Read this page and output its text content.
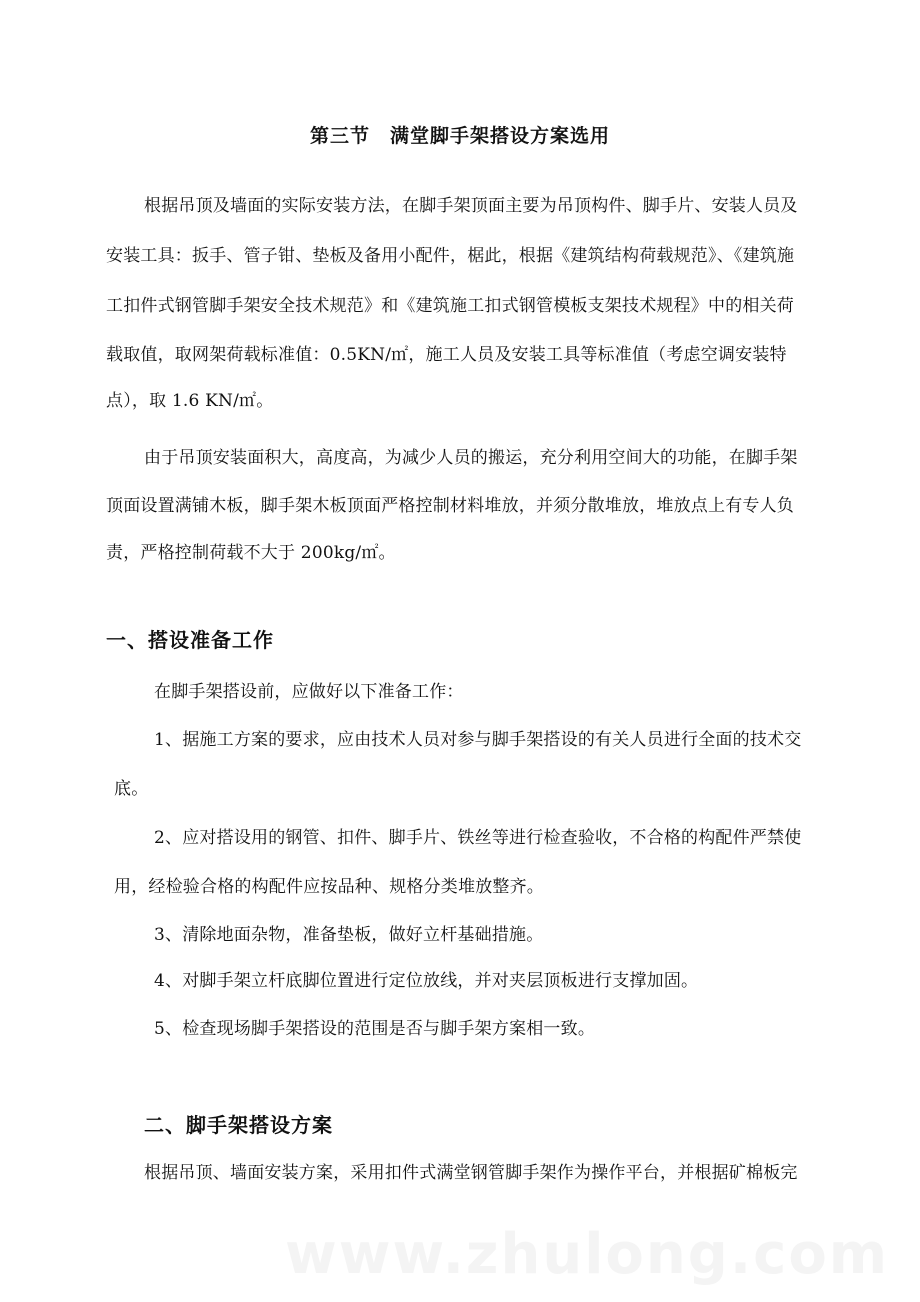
第三节　满堂脚手架搭设方案选用
根据吊顶及墙面的实际安装方法，在脚手架顶面主要为吊顶构件、脚手片、安装人员及
安装工具：扳手、管子钳、垫板及备用小配件，椐此，根据《建筑结构荷载规范》、《建筑施
工扣件式钢管脚手架安全技术规范》和《建筑施工扣式钢管模板支架技术规程》中的相关荷
载取值，取网架荷载标准值：0.5KN/㎡，施工人员及安装工具等标准值（考虑空调安装特
点），取 1.6 KN/㎡。
由于吊顶安装面积大，高度高，为减少人员的搬运，充分利用空间大的功能，在脚手架
顶面设置满铺木板，脚手架木板顶面严格控制材料堆放，并须分散堆放，堆放点上有专人负
责，严格控制荷载不大于 200kg/㎡。
一、搭设准备工作
在脚手架搭设前，应做好以下准备工作：
1、据施工方案的要求，应由技术人员对参与脚手架搭设的有关人员进行全面的技术交
底。
2、应对搭设用的钢管、扣件、脚手片、铁丝等进行检查验收，不合格的构配件严禁使
用，经检验合格的构配件应按品种、规格分类堆放整齐。
3、清除地面杂物，准备垫板，做好立杆基础措施。
4、对脚手架立杆底脚位置进行定位放线，并对夹层顶板进行支撑加固。
5、检查现场脚手架搭设的范围是否与脚手架方案相一致。
二、脚手架搭设方案
根据吊顶、墙面安装方案，采用扣件式满堂钢管脚手架作为操作平台，并根据矿棉板完
www.zhulong.com
